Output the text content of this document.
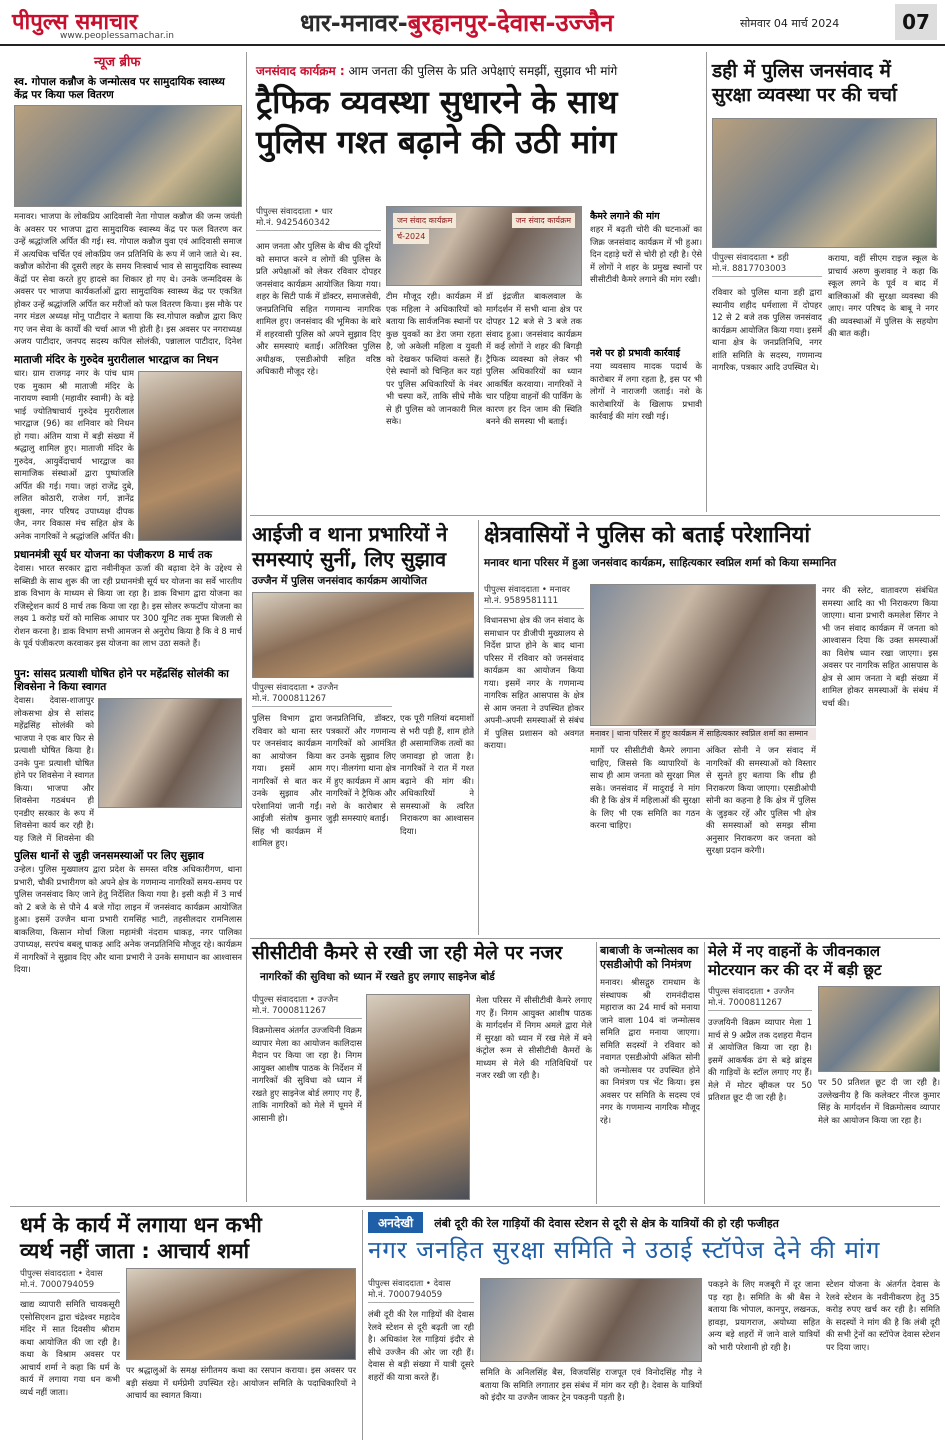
पीपुल्स समाचार
www.peoplessamachar.in	धार-मनावर-बुरहानपुर-देवास-उज्जैन	सोमवार 04 मार्च 2024	07
न्यूज ब्रीफ
स्व. गोपाल कन्नौज के जन्मोत्सव पर सामुदायिक स्वास्थ्य केंद्र पर किया फल वितरण
मनावर। भाजपा के लोकप्रिय आदिवासी नेता गोपाल कन्नौज की जन्म जयंती के अवसर पर भाजपा द्वारा सामुदायिक स्वास्थ्य केंद्र पर फल वितरण कर उन्हें श्रद्धांजलि अर्पित की गई। स्व. गोपाल कन्नौज युवा एवं आदिवासी समाज में अत्यधिक चर्चित एवं लोकप्रिय जन प्रतिनिधि के रूप में जाने जाते थे। स्व. कन्नौज कोरोना की दूसरी लहर के समय निःस्वार्थ भाव से सामुदायिक स्वास्थ्य केंद्रों पर सेवा करते हुए हादसे का शिकार हो गए थे। उनके जन्मदिवस के अवसर पर भाजपा कार्यकर्ताओं द्वारा सामुदायिक स्वास्थ्य केंद्र पर एकत्रित होकर उन्हें श्रद्धांजलि अर्पित कर मरीजों को फल वितरण किया। इस मौके पर नगर मंडल अध्यक्ष मोनू पाटीदार ने बताया कि स्व.गोपाल कन्नौज द्वारा किए गए जन सेवा के कार्यों की चर्चा आज भी होती है। इस अवसर पर नगराध्यक्ष अजय पाटीदार, जनपद सदस्य कपिल सोलंकी, पन्नालाल पाटीदार, दिनेश
माताजी मंदिर के गुरुदेव मुरारीलाल भारद्वाज का निधन
धार। ग्राम राजगढ़ नगर के पांच धाम एक मुकाम श्री माताजी मंदिर के नारायण स्वामी (महावीर स्वामी) के बड़े भाई ज्योतिषाचार्य गुरुदेव मुरारीलाल भारद्वाज (96) का शनिवार को निधन हो गया। अंतिम यात्रा में बड़ी संख्या में श्रद्धालु शामिल हुए। माताजी मंदिर के गुरुदेव, आयुर्वेदाचार्य भारद्वाज का सामाजिक संस्थाओं द्वारा पुष्पांजलि अर्पित की गई। गया। जहां राजेंद्र दुबे, ललित कोठारी, राजेश गर्ग, ज्ञानेंद्र शुक्ला, नगर परिषद उपाध्यक्ष दीपक जैन, नगर विकास मंच सहित क्षेत्र के अनेक नागरिकों ने श्रद्धांजलि अर्पित की।
प्रधानमंत्री सूर्य घर योजना का पंजीकरण 8 मार्च तक
देवास। भारत सरकार द्वारा नवीनीकृत ऊर्जा की बढ़ावा देने के उद्देश्य से सब्सिडी के साथ शुरू की जा रही प्रधानमंत्री सूर्य घर योजना का सर्वे भारतीय डाक विभाग के माध्यम से किया जा रहा है। डाक विभाग द्वारा योजना का रजिस्ट्रेशन कार्य 8 मार्च तक किया जा रहा है। इस सोलर रूफटॉप योजना का लक्ष्य 1 करोड़ घरों को मासिक आधार पर 300 यूनिट तक मुफ्त बिजली से रोशन करना है। डाक विभाग सभी आमजन से अनुरोध किया है कि वे 8 मार्च के पूर्व पंजीकरण करवाकर इस योजना का लाभ उठा सकते हैं।
पुन: सांसद प्रत्याशी घोषित होने पर महेंद्रसिंह सोलंकी का शिवसेना ने किया स्वागत
देवास। देवास-शाजापुर लोकसभा क्षेत्र से सांसद महेंद्रसिंह सोलंकी को भाजपा ने एक बार फिर से प्रत्याशी घोषित किया है। उनके पुनः प्रत्याशी घोषित होने पर शिवसेना ने स्वागत किया। भाजपा और शिवसेना गठबंधन ही एनडीए सरकार के रूप में शिवसेना कार्य कर रही है। यह जिले में शिवसेना की
पुलिस थानों से जुड़ी जनसमस्याओं पर लिए सुझाव
उन्हेल। पुलिस मुख्यालय द्वारा प्रदेश के समस्त वरिष्ठ अधिकारीगण, थाना प्रभारी, चौकी प्रभारीगण को अपने क्षेत्र के गणमान्य नागरिकों समय-समय पर पुलिस जनसंवाद किए जाने हेतु निर्देशित किया गया है। इसी कड़ी में 3 मार्च को 2 बजे के से पौने 4 बजे गोंदा लाइन में जनसंवाद कार्यक्रम आयोजित हुआ। इसमें उज्जैन थाना प्रभारी रामसिंह भाटी, तहसीलदार रामनिलास बाकलिया, किसान मोर्चा जिला महामंत्री नंदराम धाकड़, नगर पालिका उपाध्यक्ष, सरपंच बबलू धाकड़ आदि अनेक जनप्रतिनिधि मौजूद रहे। कार्यक्रम में नागरिकों ने सुझाव दिए और थाना प्रभारी ने उनके समाधान का आश्वासन दिया।
जनसंवाद कार्यक्रम : आम जनता की पुलिस के प्रति अपेक्षाएं समझीं, सुझाव भी मांगे
ट्रैफिक व्यवस्था सुधारने के साथ
पुलिस गश्त बढ़ाने की उठी मांग
पीपुल्स संवाददाता • धार
मो.नं. 9425460342
आम जनता और पुलिस के बीच की दूरियों को समाप्त करने व लोगों की पुलिस के प्रति अपेक्षाओं को लेकर रविवार दोपहर जनसंवाद कार्यक्रम आयोजित किया गया। शहर के सिटी पार्क में डॉक्टर, समाजसेवी, जनप्रतिनिधि सहित गणमान्य नागरिक शामिल हुए। जनसंवाद की भूमिका के बारे में शहरवासी पुलिस को अपने सुझाव दिए और समस्याएं बताईं। अतिरिक्त पुलिस अधीक्षक, एसडीओपी सहित वरिष्ठ अधिकारी मौजूद रहे।
जन संवाद कार्यक्रम
र्च-2024
जन संवाद कार्यक्रम
टीम मौजूद रही। कार्यक्रम में एक महिला ने अधिकारियों को बताया कि सार्वजनिक स्थानों पर कुछ युवकों का डेरा जमा रहता है, जो अकेली महिला व युवती को देखकर फब्तियां कसते हैं। ऐसे स्थानों को चिन्हित कर यहां पर पुलिस अधिकारियों के नंबर भी चस्पा करें, ताकि सीधे मौके से ही पुलिस को जानकारी मिल सके।
डॉ इंद्रजीत बाकलवाल के मार्गदर्शन में सभी थाना क्षेत्र पर दोपहर 12 बजे से 3 बजे तक संवाद हुआ। जनसंवाद कार्यक्रम में कई लोगों ने शहर की बिगड़ी ट्रैफिक व्यवस्था को लेकर भी पुलिस अधिकारियों का ध्यान आकर्षित करवाया। नागरिकों ने चार पहिया वाहनों की पार्किंग के कारण हर दिन जाम की स्थिति बनने की समस्या भी बताई।
कैमरे लगाने की मांग
शहर में बढ़ती चोरी की घटनाओं का जिक्र जनसंवाद कार्यक्रम में भी हुआ। दिन दहाड़े घरों से चोरी हो रही है। ऐसे में लोगों ने शहर के प्रमुख स्थानों पर सीसीटीवी कैमरे लगाने की मांग रखी।
नशे पर हो प्रभावी कार्रवाई
नया व्यवसाय मादक पदार्थ के कारोबार में लगा रहता है, इस पर भी लोगों ने नाराजगी जताई। नशे के कारोबारियों के खिलाफ प्रभावी कार्रवाई की मांग रखी गई।
डही में पुलिस जनसंवाद में
सुरक्षा व्यवस्था पर की चर्चा
पीपुल्स संवाददाता • डही
मो.नं. 8817703003
रविवार को पुलिस थाना डही द्वारा स्थानीय शहीद धर्मशाला में दोपहर 12 से 2 बजे तक पुलिस जनसंवाद कार्यक्रम आयोजित किया गया। इसमें थाना क्षेत्र के जनप्रतिनिधि, नगर शांति समिति के सदस्य, गणमान्य नागरिक, पत्रकार आदि उपस्थित थे।
कराया, वहीं सीएम राइज स्कूल के प्राचार्य अरुण कुशवाह ने कहा कि स्कूल लगने के पूर्व व बाद में बालिकाओं की सुरक्षा व्यवस्था की जाए। नगर परिषद के बाबू ने नगर की व्यवस्थाओं में पुलिस के सहयोग की बात कही।
आईजी व थाना प्रभारियों ने
समस्याएं सुनीं, लिए सुझाव
उज्जैन में पुलिस जनसंवाद कार्यक्रम आयोजित
पीपुल्स संवाददाता • उज्जैन
मो.नं. 7000811267
पुलिस विभाग द्वारा रविवार को थाना स्तर पर जनसंवाद कार्यक्रम का आयोजन किया गया। इसमें आम नागरिकों से बात कर उनके सुझाव और परेशानियां जानी गईं। आईजी संतोष कुमार सिंह भी कार्यक्रम में शामिल हुए।
जनप्रतिनिधि, डॉक्टर, पत्रकारों और गणमान्य नागरिकों को आमंत्रित कर उनके सुझाव लिए गए। नीलगंगा थाना क्षेत्र में हुए कार्यक्रम में आम नागरिकों ने ट्रैफिक और नशे के कारोबार से जुड़ी समस्याएं बताईं।
एक पूरी गलियां बदमाशों से भरी पड़ी हैं, शाम होते ही असामाजिक तत्वों का जमावड़ा हो जाता है। नागरिकों ने रात में गश्त बढ़ाने की मांग की। अधिकारियों ने समस्याओं के त्वरित निराकरण का आश्वासन दिया।
क्षेत्रवासियों ने पुलिस को बताई परेशानियां
मनावर थाना परिसर में हुआ जनसंवाद कार्यक्रम, साहित्यकार स्वप्निल शर्मा को किया सम्मानित
पीपुल्स संवाददाता • मनावर
मो.नं. 9589581111
विधानसभा क्षेत्र की जन संवाद के समाधान पर डीजीपी मुख्यालय से निर्देश प्राप्त होने के बाद थाना परिसर में रविवार को जनसंवाद कार्यक्रम का आयोजन किया गया। इसमें नगर के गणमान्य नागरिक सहित आसपास के क्षेत्र से आम जनता ने उपस्थित होकर अपनी-अपनी समस्याओं से संबंध में पुलिस प्रशासन को अवगत कराया।
मनावर | थाना परिसर में हुए कार्यक्रम में साहित्यकार स्वप्निल शर्मा का सम्मान
मार्गों पर सीसीटीवी कैमरे लगाना चाहिए, जिससे कि व्यापारियों के साथ ही आम जनता को सुरक्षा मिल सके। जनसंवाद में मादुराई ने मांग की है कि क्षेत्र में महिलाओं की सुरक्षा के लिए भी एक समिति का गठन करना चाहिए।
अंकित सोनी ने जन संवाद में नागरिकों की समस्याओं को विस्तार से सुनते हुए बताया कि शीघ्र ही निराकरण किया जाएगा। एसडीओपी सोनी का कहना है कि क्षेत्र में पुलिस के जुड़कर रहें और पुलिस भी क्षेत्र की समस्याओं को समझ सीमा अनुसार निराकरण कर जनता को सुरक्षा प्रदान करेगी।
नगर की स्लेट, वातावरण संबंधित समस्या आदि का भी निराकरण किया जाएगा। थाना प्रभारी कमलेश सिंगर ने भी जन संवाद कार्यक्रम में जनता को आश्वासन दिया कि उक्त समस्याओं का विशेष ध्यान रखा जाएगा। इस अवसर पर नागरिक सहित आसपास के क्षेत्र से आम जनता ने बड़ी संख्या में शामिल होकर समस्याओं के संबंध में चर्चा की।
सीसीटीवी कैमरे से रखी जा रही मेले पर नजर
नागरिकों की सुविधा को ध्यान में रखते हुए लगाए साइनेज बोर्ड
पीपुल्स संवाददाता • उज्जैन
मो.नं. 7000811267
विक्रमोत्सव अंतर्गत उज्जयिनी विक्रम व्यापार मेला का आयोजन कालिदास मैदान पर किया जा रहा है। निगम आयुक्त आशीष पाठक के निर्देशन में नागरिकों की सुविधा को ध्यान में रखते हुए साइनेज बोर्ड लगाए गए हैं, ताकि नागरिकों को मेले में घूमने में आसानी हो।
मेला परिसर में सीसीटीवी कैमरे लगाए गए हैं। निगम आयुक्त आशीष पाठक के मार्गदर्शन में निगम अमले द्वारा मेले में सुरक्षा को ध्यान में रख मेले में बने कंट्रोल रूम से सीसीटीवी कैमरों के माध्यम से मेले की गतिविधियों पर नजर रखी जा रही है।
बाबाजी के जन्मोत्सव का
एसडीओपी को निमंत्रण
मनावर। श्रीसद्गुरु रामधाम के संस्थापक श्री रामनंदीदास महाराज का 24 मार्च को मनाया जाने वाला 104 वां जन्मोत्सव समिति द्वारा मनाया जाएगा। समिति सदस्यों ने रविवार को नवागत एसडीओपी अंकित सोनी को जन्मोत्सव पर उपस्थित होने का निमंत्रण पत्र भेंट किया। इस अवसर पर समिति के सदस्य एवं नगर के गणमान्य नागरिक मौजूद रहे।
मेले में नए वाहनों के जीवनकाल
मोटरयान कर की दर में बड़ी छूट
पीपुल्स संवाददाता • उज्जैन
मो.नं. 7000811267
उज्जयिनी विक्रम व्यापार मेला 1 मार्च से 9 अप्रैल तक दशहरा मैदान में आयोजित किया जा रहा है। इसमें आकर्षक ढंग से बड़े ब्रांड्स की गाड़ियों के स्टॉल लगाए गए हैं। मेले में मोटर व्हीकल पर 50 प्रतिशत छूट दी जा रही है।
पर 50 प्रतिशत छूट दी जा रही है। उल्लेखनीय है कि कलेक्टर नीरज कुमार सिंह के मार्गदर्शन में विक्रमोत्सव व्यापार मेले का आयोजन किया जा रहा है।
धर्म के कार्य में लगाया धन कभी
व्यर्थ नहीं जाता : आचार्य शर्मा
पीपुल्स संवाददाता • देवास
मो.नं. 7000794059
खाद्य व्यापारी समिति चायकसूरी एसोसिएशन द्वारा चंद्रेश्वर महादेव मंदिर में सात दिवसीय श्रीराम कथा आयोजित की जा रही है। कथा के विश्राम अवसर पर आचार्य शर्मा ने कहा कि धर्म के कार्य में लगाया गया धन कभी व्यर्थ नहीं जाता।
पर श्रद्धालुओं के समक्ष संगीतमय कथा का रसपान कराया। इस अवसर पर बड़ी संख्या में धर्मप्रेमी उपस्थित रहे। आयोजन समिति के पदाधिकारियों ने आचार्य का स्वागत किया।
अनदेखी लंबी दूरी की रेल गाड़ियों की देवास स्टेशन से दूरी से क्षेत्र के यात्रियों की हो रही फजीहत
नगर जनहित सुरक्षा समिति ने उठाई स्टॉपेज देने की मांग
पीपुल्स संवाददाता • देवास
मो.नं. 7000794059
लंबी दूरी की रेल गाड़ियों की देवास रेलवे स्टेशन से दूरी बढ़ती जा रही है। अधिकांश रेल गाड़ियां इंदौर से सीधे उज्जैन की ओर जा रही हैं। देवास से बड़ी संख्या में यात्री दूसरे शहरों की यात्रा करते हैं।	समिति के अनिलसिंह बैस, विजयसिंह राजपूत एवं विनोदसिंह गौड़ ने बताया कि समिति लगातार इस संबंध में मांग कर रही है। देवास के यात्रियों को इंदौर या उज्जैन जाकर ट्रेन पकड़नी पड़ती है।
पकड़ने के लिए मजबूरी में दूर जाना पड़ रहा है। समिति के श्री बैस ने बताया कि भोपाल, कानपुर, लखनऊ, हावड़ा, प्रयागराज, अयोध्या सहित अन्य बड़े शहरों में जाने वाले यात्रियों को भारी परेशानी हो रही है।
स्टेशन योजना के अंतर्गत देवास के रेलवे स्टेशन के नवीनीकरण हेतु 35 करोड़ रुपए खर्च कर रही है। समिति के सदस्यों ने मांग की है कि लंबी दूरी की सभी ट्रेनों का स्टॉपेज देवास स्टेशन पर दिया जाए।
